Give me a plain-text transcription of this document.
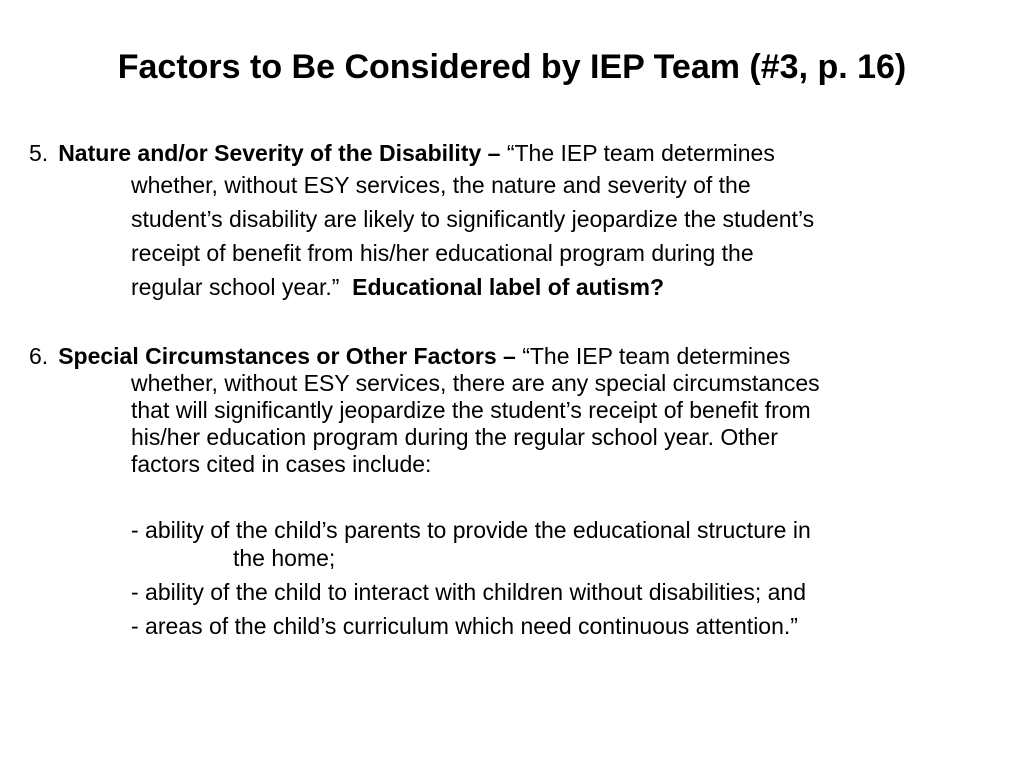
Factors to Be Considered by IEP Team (#3, p. 16)
5. Nature and/or Severity of the Disability – “The IEP team determines
whether, without ESY services, the nature and severity of the
student’s disability are likely to significantly jeopardize the student’s
receipt of benefit from his/her educational program during the
regular school year.” Educational label of autism?
6. Special Circumstances or Other Factors – “The IEP team determines
whether, without ESY services, there are any special circumstances
that will significantly jeopardize the student’s receipt of benefit from
his/her education program during the regular school year. Other
factors cited in cases include:
- ability of the child’s parents to provide the educational structure in
the home;
- ability of the child to interact with children without disabilities; and
- areas of the child’s curriculum which need continuous attention.”
